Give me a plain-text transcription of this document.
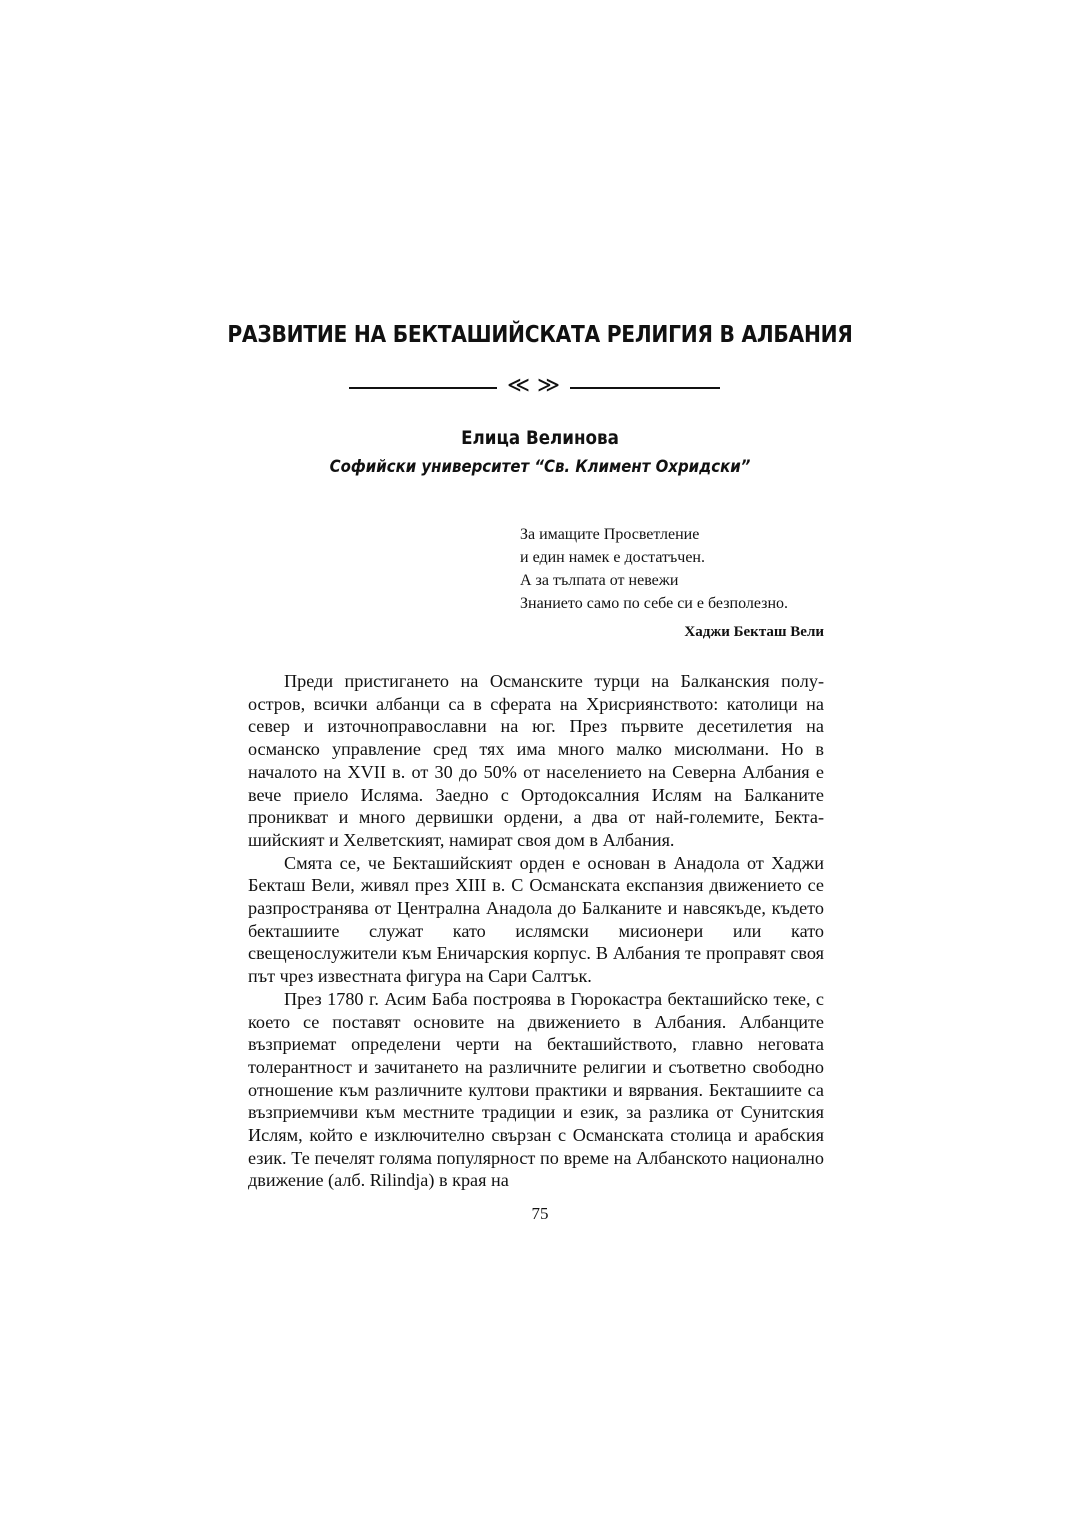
РАЗВИТИЕ НА БЕКТАШИЙСКАТА РЕЛИГИЯ В АЛБАНИЯ
≪ ≫
Елица Велинова
Софийски университет “Св. Климент Охридски”
За имащите Просветление
и един намек е достатъчен.
А за тълпата от невежи
Знанието само по себе си е безполезно.
Хаджи Бекташ Вели

Преди пристигането на Османските турци на Балканския полуостров, всички албанци са в сферата на Хрисриянството: католици на север и източноправославни на юг. През първите десетилетия на османско управление сред тях има много малко мисюлмани. Но в началото на XVII в. от 30 до 50% от населението на Северна Албания е вече приело Исляма. Заедно с Ортодоксалния Ислям на Балканите проникват и много дервишки ордени, а два от най-големите, Бекташийският и Хелветският, намират своя дом в Албания.

Смята се, че Бекташийският орден е основан в Анадола от Хаджи Бекташ Вели, живял през XIII в. С Османската експанзия движението се разпространява от Централна Анадола до Балканите и навсякъде, където бекташиите служат като ислямски мисионери или като свещенослужители към Еничарския корпус. В Албания те пропрaвят своя път чрез известната фигура на Сари Салтък.

През 1780 г. Асим Баба построява в Гюрокастра бекташийско теке, с което се поставят основите на движението в Албания. Албанците възприемат определени черти на бекташийството, главно неговата толерантност и зачитането на различните религии и съответно свободно отношение към различните култови практики и вярвания. Бекташиите са възприемчиви към местните традиции и език, за разлика от Сунитския Ислям, който е изключително свързан с Османската столица и арабския език. Те печелят голяма популярност по време на Албанското национално движение (алб. Rilindja) в края на

75
